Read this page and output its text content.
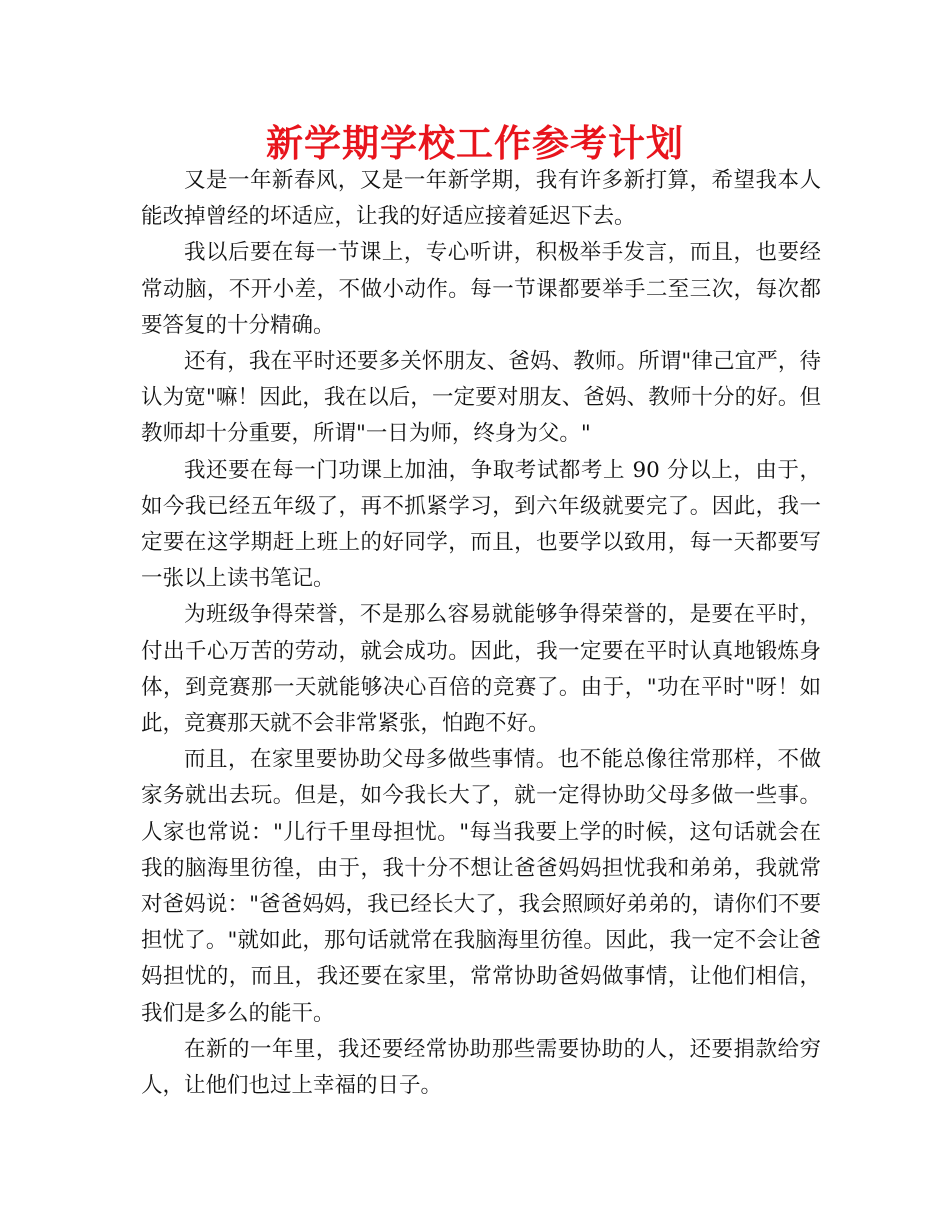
新学期学校工作参考计划

又是一年新春风，又是一年新学期，我有许多新打算，希望我本人能改掉曾经的坏适应，让我的好适应接着延迟下去。

我以后要在每一节课上，专心听讲，积极举手发言，而且，也要经常动脑，不开小差，不做小动作。每一节课都要举手二至三次，每次都要答复的十分精确。

还有，我在平时还要多关怀朋友、爸妈、教师。所谓"律己宜严，待认为宽"嘛！因此，我在以后，一定要对朋友、爸妈、教师十分的好。但教师却十分重要，所谓"一日为师，终身为父。"

我还要在每一门功课上加油，争取考试都考上 90 分以上，由于，如今我已经五年级了，再不抓紧学习，到六年级就要完了。因此，我一定要在这学期赶上班上的好同学，而且，也要学以致用，每一天都要写一张以上读书笔记。

为班级争得荣誉，不是那么容易就能够争得荣誉的，是要在平时，付出千心万苦的劳动，就会成功。因此，我一定要在平时认真地锻炼身体，到竞赛那一天就能够决心百倍的竞赛了。由于，"功在平时"呀！如此，竞赛那天就不会非常紧张，怕跑不好。

而且，在家里要协助父母多做些事情。也不能总像往常那样，不做家务就出去玩。但是，如今我长大了，就一定得协助父母多做一些事。人家也常说："儿行千里母担忧。"每当我要上学的时候，这句话就会在我的脑海里彷徨，由于，我十分不想让爸爸妈妈担忧我和弟弟，我就常对爸妈说："爸爸妈妈，我已经长大了，我会照顾好弟弟的，请你们不要担忧了。"就如此，那句话就常在我脑海里彷徨。因此，我一定不会让爸妈担忧的，而且，我还要在家里，常常协助爸妈做事情，让他们相信，我们是多么的能干。

在新的一年里，我还要经常协助那些需要协助的人，还要捐款给穷人，让他们也过上幸福的日子。
